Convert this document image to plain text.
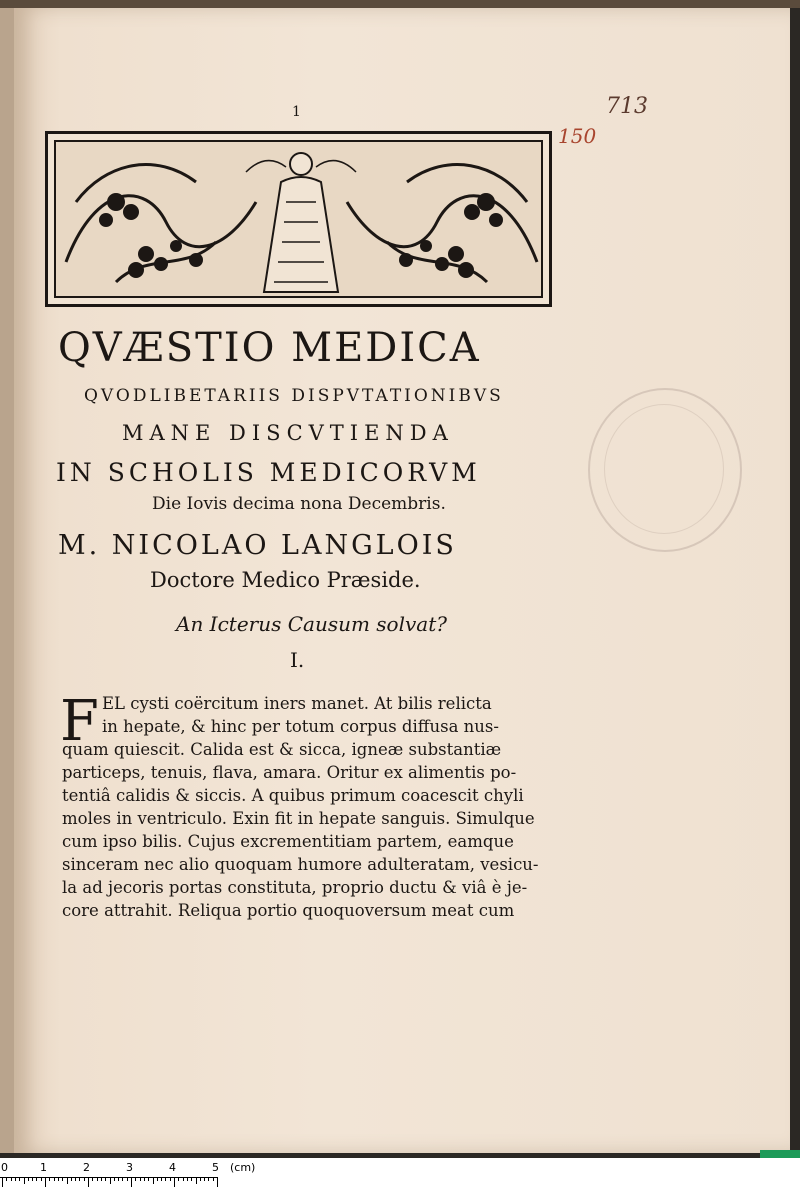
1	713
150
QVÆSTIO MEDICA
QVODLIBETARIIS DISPVTATIONIBVS
MANE DISCVTIENDA
IN SCHOLIS MEDICORVM
Die Iovis decima nona Decembris.
M. NICOLAO LANGLOIS
Doctore Medico Præside.
An Icterus Causum solvat?
I.
F EL cysti coërcitum iners manet. At bilis relicta
in hepate, & hinc per totum corpus diffusa nus-
quam quiescit. Calida est & sicca, igneæ substantiæ
particeps, tenuis, flava, amara. Oritur ex alimentis po-
tentiâ calidis & siccis. A quibus primum coacescit chyli
moles in ventriculo. Exin fit in hepate sanguis. Simulque
cum ipso bilis. Cujus excrementitiam partem, eamque
sinceram nec alio quoquam humore adulteratam, vesicu-
la ad jecoris portas constituta, proprio ductu & viâ è je-
core attrahit. Reliqua portio quoquoversum meat cum
0	1	2	3	4	5 (cm)
